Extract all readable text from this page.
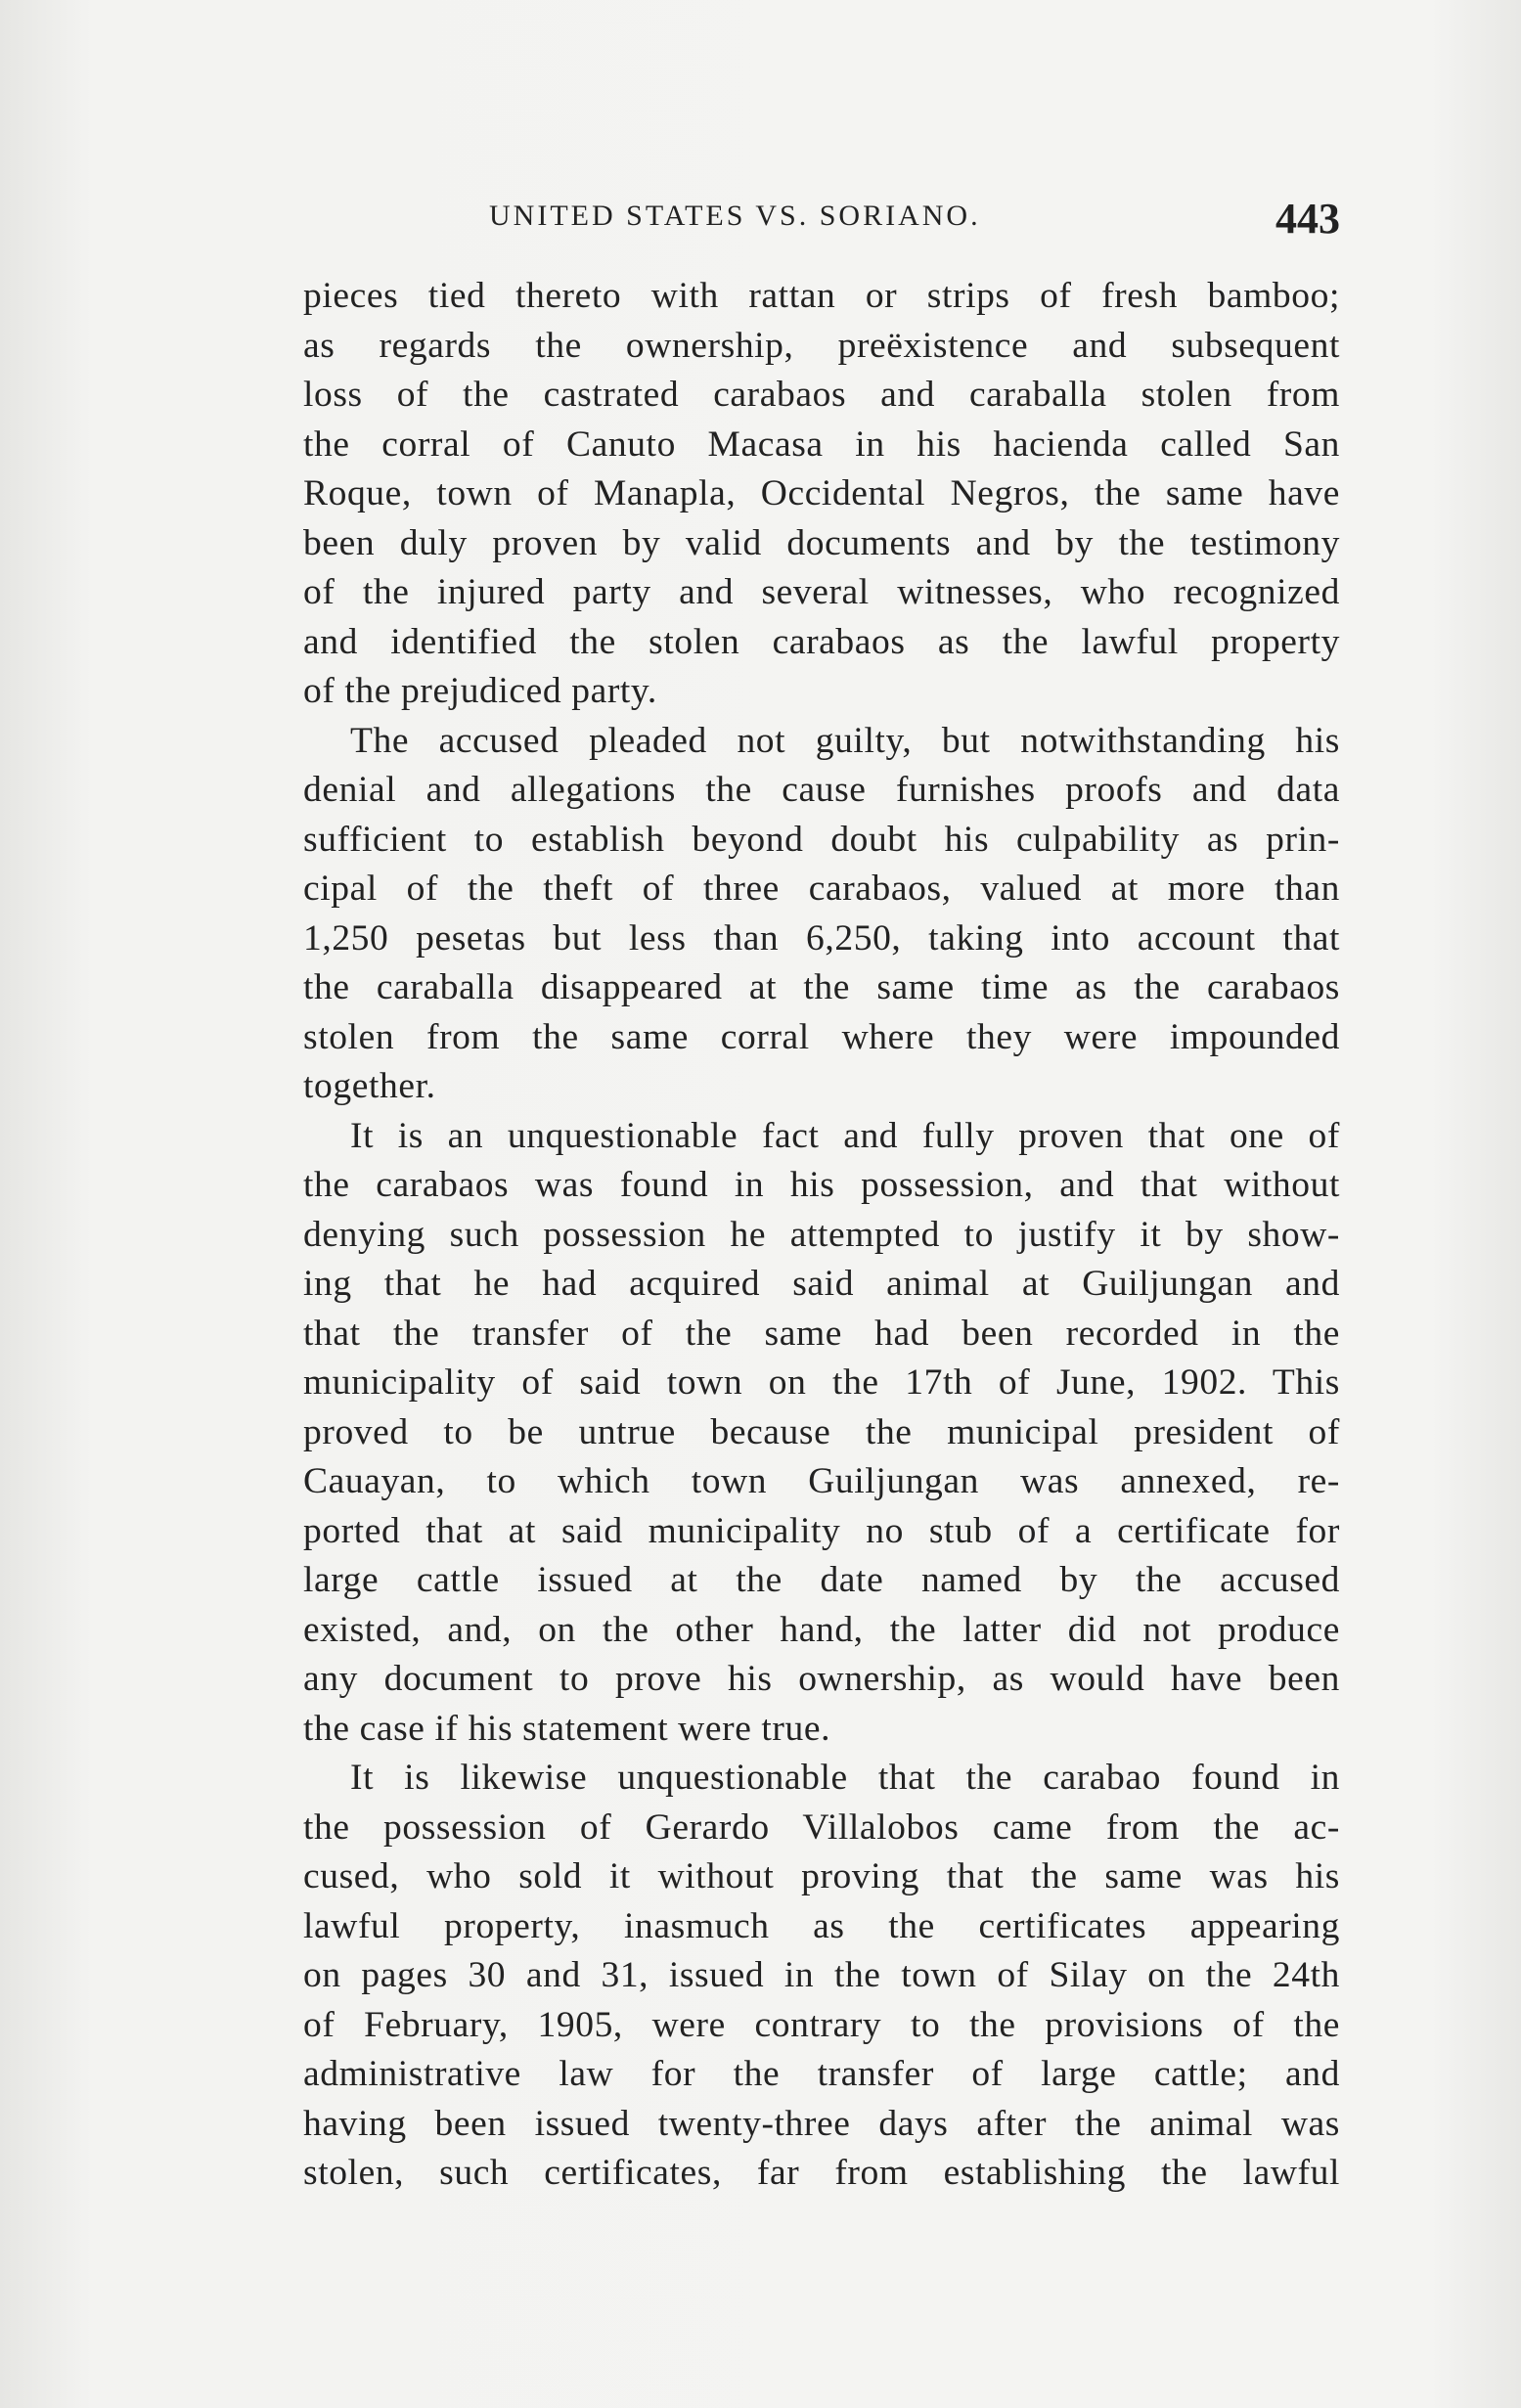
UNITED STATES VS. SORIANO.	443
pieces tied thereto with rattan or strips of fresh bamboo;
as regards the ownership, preëxistence and subsequent
loss of the castrated carabaos and caraballa stolen from
the corral of Canuto Macasa in his hacienda called San
Roque, town of Manapla, Occidental Negros, the same have
been duly proven by valid documents and by the testimony
of the injured party and several witnesses, who recognized
and identified the stolen carabaos as the lawful property
of the prejudiced party.
The accused pleaded not guilty, but notwithstanding his
denial and allegations the cause furnishes proofs and data
sufficient to establish beyond doubt his culpability as prin-
cipal of the theft of three carabaos, valued at more than
1,250 pesetas but less than 6,250, taking into account that
the caraballa disappeared at the same time as the carabaos
stolen from the same corral where they were impounded
together.
It is an unquestionable fact and fully proven that one of
the carabaos was found in his possession, and that without
denying such possession he attempted to justify it by show-
ing that he had acquired said animal at Guiljungan and
that the transfer of the same had been recorded in the
municipality of said town on the 17th of June, 1902. This
proved to be untrue because the municipal president of
Cauayan, to which town Guiljungan was annexed, re-
ported that at said municipality no stub of a certificate for
large cattle issued at the date named by the accused
existed, and, on the other hand, the latter did not produce
any document to prove his ownership, as would have been
the case if his statement were true.
It is likewise unquestionable that the carabao found in
the possession of Gerardo Villalobos came from the ac-
cused, who sold it without proving that the same was his
lawful property, inasmuch as the certificates appearing
on pages 30 and 31, issued in the town of Silay on the 24th
of February, 1905, were contrary to the provisions of the
administrative law for the transfer of large cattle; and
having been issued twenty-three days after the animal was
stolen, such certificates, far from establishing the lawful
